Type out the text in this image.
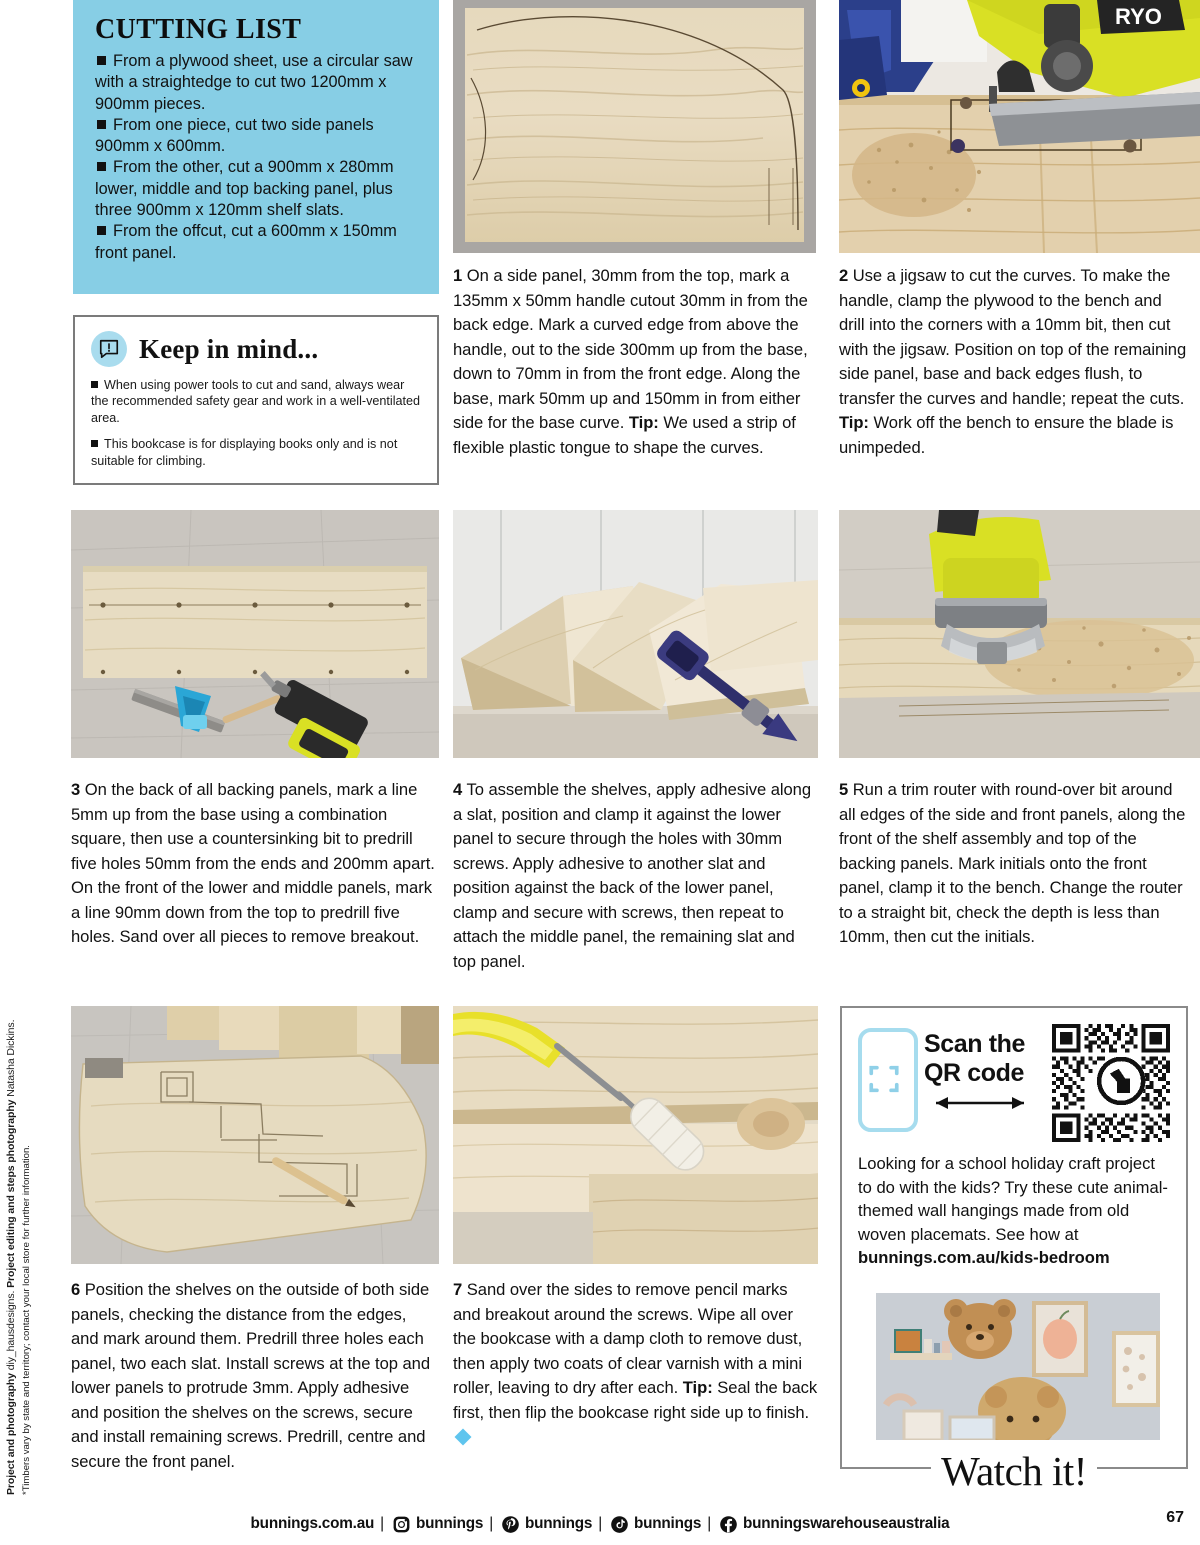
Project and photography diy_hausdesigns. Project editing and steps photography Natasha Dickins.
*Timbers vary by state and territory; contact your local store for further information.
CUTTING LIST

From a plywood sheet, use a circular saw with a straightedge to cut two 1200mm x 900mm pieces.

From one piece, cut two side panels 900mm x 600mm.

From the other, cut a 900mm x 280mm lower, middle and top backing panel, plus three 900mm x 120mm shelf slats.

From the offcut, cut a 600mm x 150mm front panel.

Keep in mind...

When using power tools to cut and sand, always wear the recommended safety gear and work in a well-ventilated area.

This bookcase is for displaying books only and is not suitable for climbing.

RYO
ONE+
1 On a side panel, 30mm from the top, mark a 135mm x 50mm handle cutout 30mm in from the back edge. Mark a curved edge from above the handle, out to the side 300mm up from the base, down to 70mm in from the front edge. Along the base, mark 50mm up and 150mm in from either side for the base curve. Tip: We used a strip of flexible plastic tongue to shape the curves.
2 Use a jigsaw to cut the curves. To make the handle, clamp the plywood to the bench and drill into the corners with a 10mm bit, then cut with the jigsaw. Position on top of the remaining side panel, base and back edges flush, to transfer the curves and handle; repeat the cuts. Tip: Work off the bench to ensure the blade is unimpeded.
3 On the back of all backing panels, mark a line 5mm up from the base using a combination square, then use a countersinking bit to predrill five holes 50mm from the ends and 200mm apart. On the front of the lower and middle panels, mark a line 90mm down from the top to predrill five holes. Sand over all pieces to remove breakout.
4 To assemble the shelves, apply adhesive along a slat, position and clamp it against the lower panel to secure through the holes with 30mm screws. Apply adhesive to another slat and position against the back of the lower panel, clamp and secure with screws, then repeat to attach the middle panel, the remaining slat and top panel.
5 Run a trim router with round-over bit around all edges of the side and front panels, along the front of the shelf assembly and top of the backing panels. Mark initials onto the front panel, clamp it to the bench. Change the router to a straight bit, check the depth is less than 10mm, then cut the initials.
6 Position the shelves on the outside of both side panels, checking the distance from the edges, and mark around them. Predrill three holes each panel, two each slat. Install screws at the top and lower panels to protrude 3mm. Apply adhesive and position the shelves on the screws, secure and install remaining screws. Predrill, centre and secure the front panel.
7 Sand over the sides to remove pencil marks and breakout around the screws. Wipe all over the bookcase with a damp cloth to remove dust, then apply two coats of clear varnish with a mini roller, leaving to dry after each. Tip: Seal the back first, then flip the bookcase right side up to finish.
Scan the
QR code

Looking for a school holiday craft project to do with the kids? Try these cute animal-themed wall hangings made from old woven placemats. See how at bunnings.com.au/kids-bedroom

Watch it!
bunnings.com.au | bunnings | bunnings | bunnings | bunningswarehouseaustralia	67
